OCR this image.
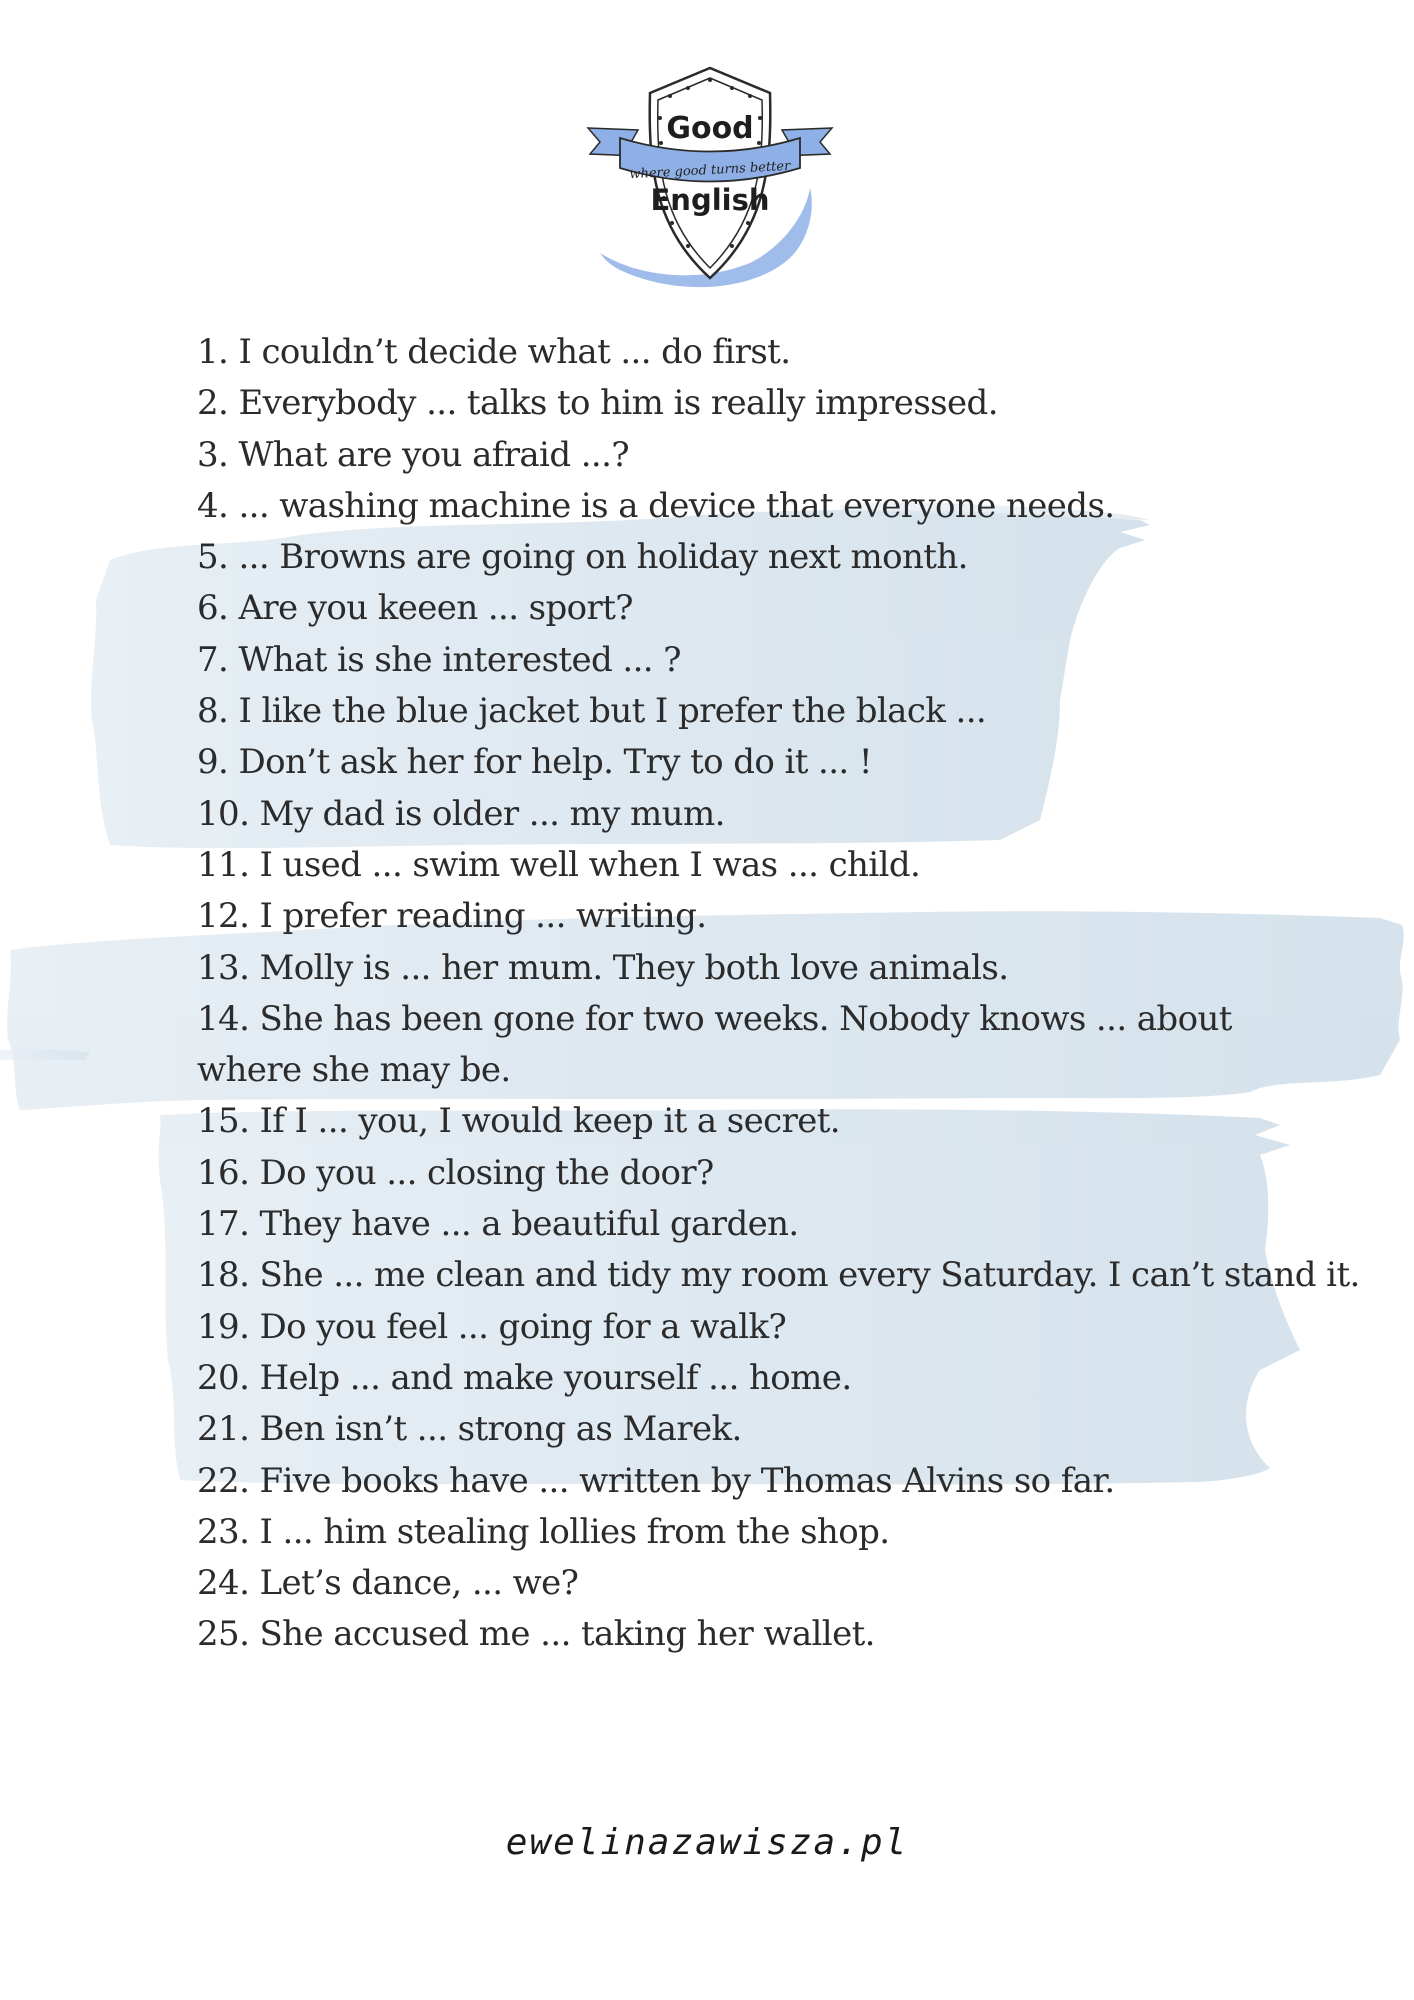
Good
where good turns better
English
1. I couldn’t decide what ... do first.
2. Everybody ... talks to him is really impressed.
3. What are you afraid ...?
4. ... washing machine is a device that everyone needs.
5. ... Browns are going on holiday next month.
6. Are you keeen ... sport?
7. What is she interested ... ?
8. I like the blue jacket but I prefer the black ...
9. Don’t ask her for help. Try to do it ... !
10. My dad is older ... my mum.
11. I used ... swim well when I was ... child.
12. I prefer reading ... writing.
13. Molly is ... her mum. They both love animals.
14. She has been gone for two weeks. Nobody knows ... about
where she may be.
15. If I ... you, I would keep it a secret.
16. Do you ... closing the door?
17. They have ... a beautiful garden.
18. She ... me clean and tidy my room every Saturday. I can’t stand it.
19. Do you feel ... going for a walk?
20. Help ... and make yourself ... home.
21. Ben isn’t ... strong as Marek.
22. Five books have ... written by Thomas Alvins so far.
23. I ... him stealing lollies from the shop.
24. Let’s dance, ... we?
25. She accused me ... taking her wallet.
ewelinazawisza.pl
